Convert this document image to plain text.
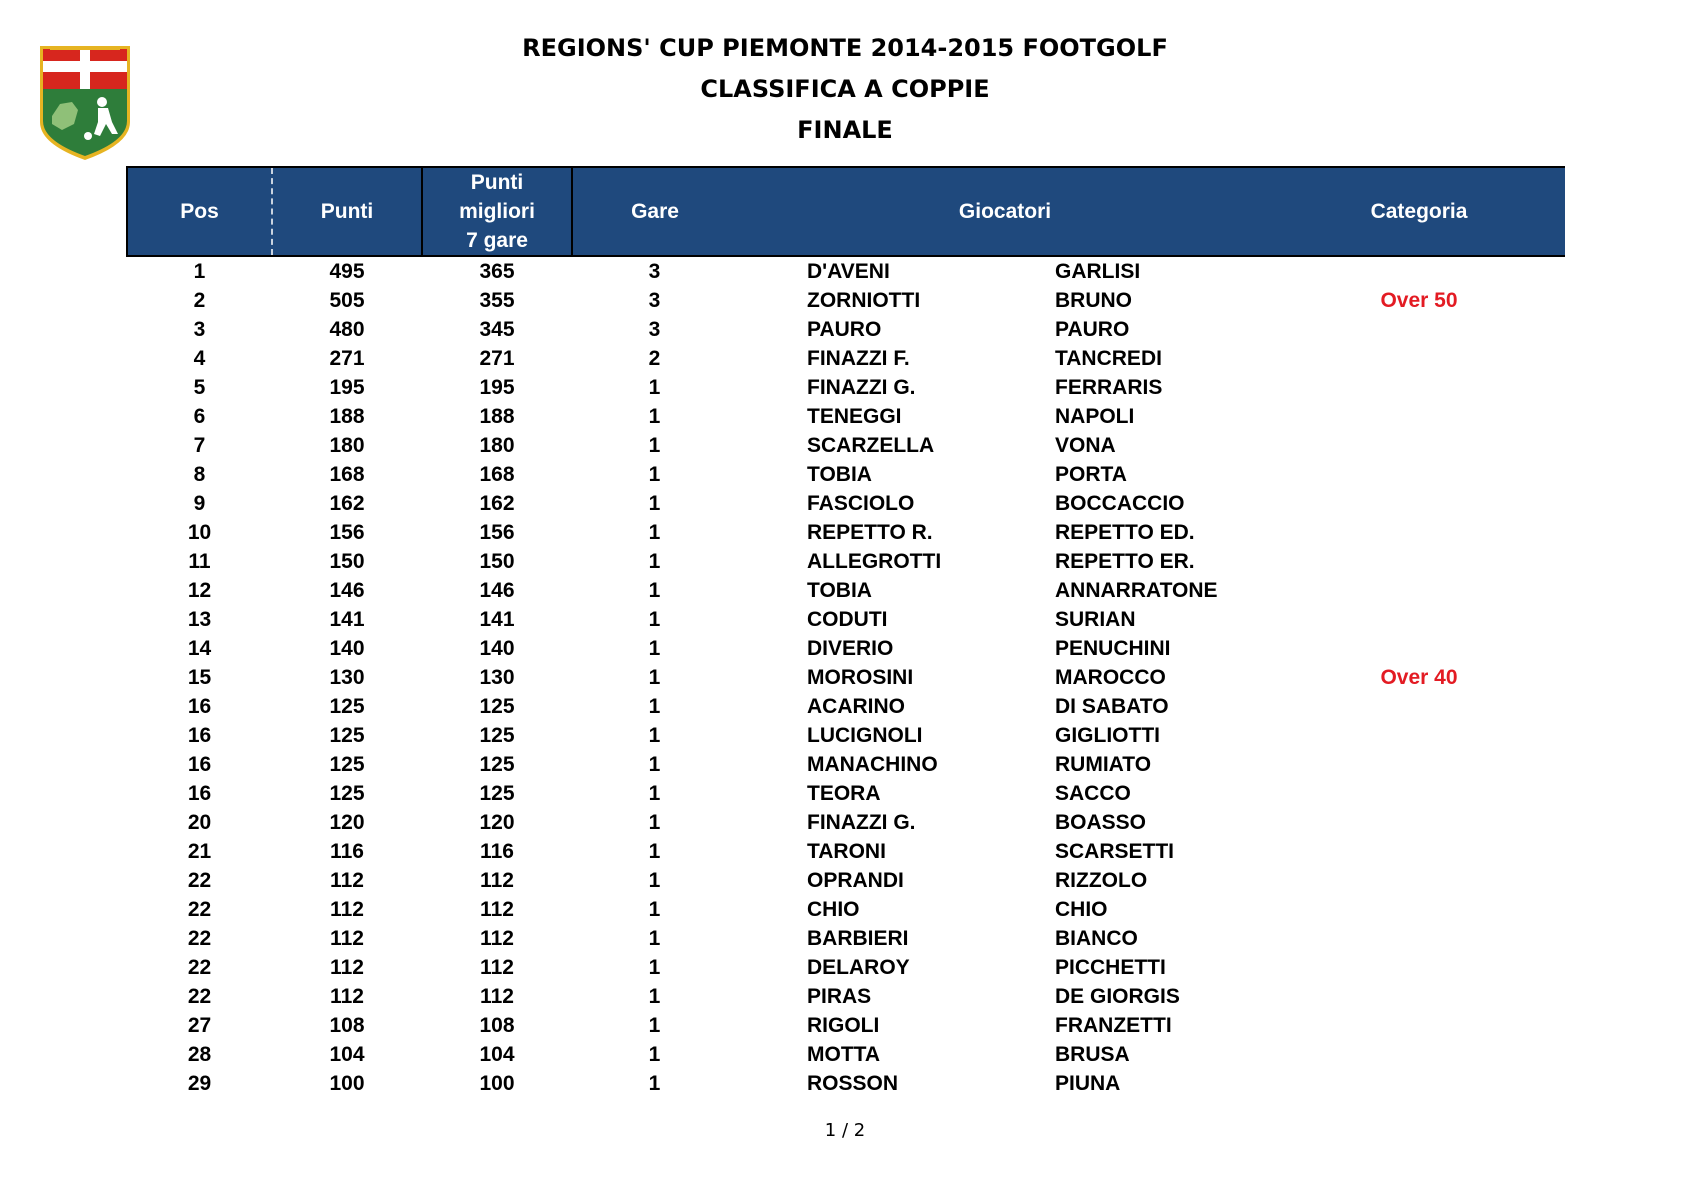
REGIONS' CUP PIEMONTE 2014-2015 FOOTGOLF
CLASSIFICA A COPPIE
FINALE
Pos	Punti	Punti
migliori
7 gare	Gare	Giocatori		Categoria
1	495	365	3	D'AVENI	GARLISI	
2	505	355	3	ZORNIOTTI	BRUNO	Over 50
3	480	345	3	PAURO	PAURO	
4	271	271	2	FINAZZI F.	TANCREDI	
5	195	195	1	FINAZZI G.	FERRARIS	
6	188	188	1	TENEGGI	NAPOLI	
7	180	180	1	SCARZELLA	VONA	
8	168	168	1	TOBIA	PORTA	
9	162	162	1	FASCIOLO	BOCCACCIO	
10	156	156	1	REPETTO R.	REPETTO ED.	
11	150	150	1	ALLEGROTTI	REPETTO ER.	
12	146	146	1	TOBIA	ANNARRATONE	
13	141	141	1	CODUTI	SURIAN	
14	140	140	1	DIVERIO	PENUCHINI	
15	130	130	1	MOROSINI	MAROCCO	Over 40
16	125	125	1	ACARINO	DI SABATO	
16	125	125	1	LUCIGNOLI	GIGLIOTTI	
16	125	125	1	MANACHINO	RUMIATO	
16	125	125	1	TEORA	SACCO	
20	120	120	1	FINAZZI G.	BOASSO	
21	116	116	1	TARONI	SCARSETTI	
22	112	112	1	OPRANDI	RIZZOLO	
22	112	112	1	CHIO	CHIO	
22	112	112	1	BARBIERI	BIANCO	
22	112	112	1	DELAROY	PICCHETTI	
22	112	112	1	PIRAS	DE GIORGIS	
27	108	108	1	RIGOLI	FRANZETTI	
28	104	104	1	MOTTA	BRUSA	
29	100	100	1	ROSSON	PIUNA	
1 / 2
